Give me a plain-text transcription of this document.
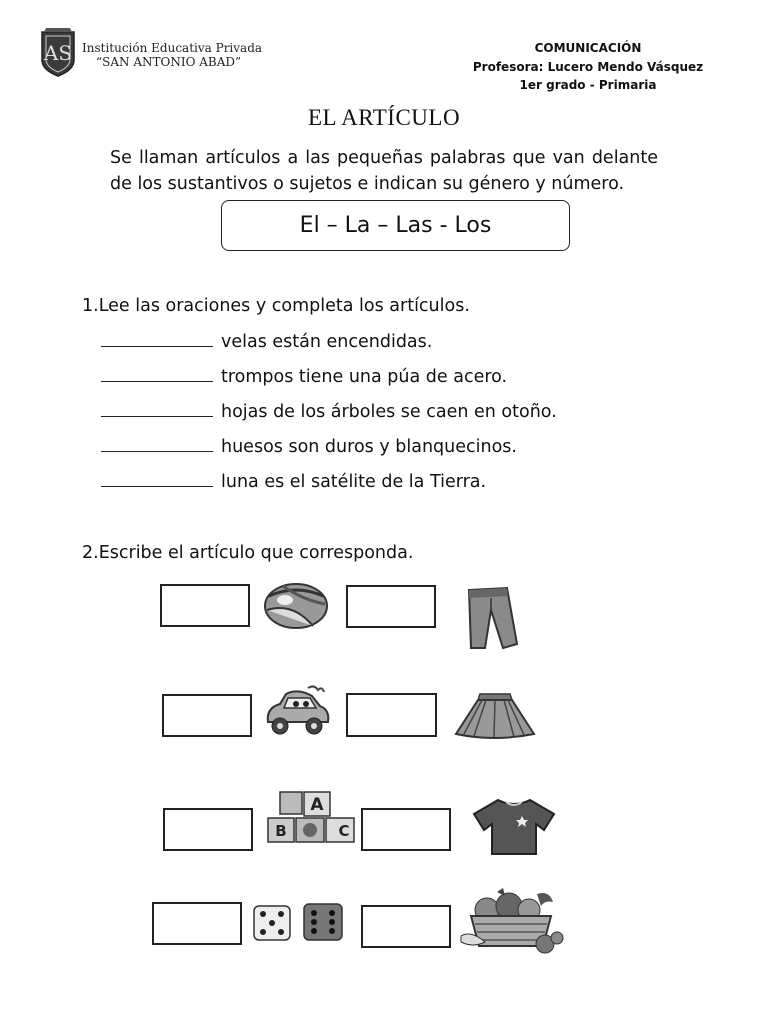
AS Institución Educativa Privada
“SAN ANTONIO ABAD”
COMUNICACIÓN
Profesora: Lucero Mendo Vásquez
1er grado - Primaria
EL ARTÍCULO
Se llaman artículos a las pequeñas palabras que van delante de los sustantivos o sujetos e indican su género y número.
El – La – Las - Los
1.Lee las oraciones y completa los artículos.
velas están encendidas.
trompos tiene una púa de acero.
hojas de los árboles se caen en otoño.
huesos son duros y blanquecinos.
luna es el satélite de la Tierra.
2.Escribe el artículo que corresponda.
A
B	C
